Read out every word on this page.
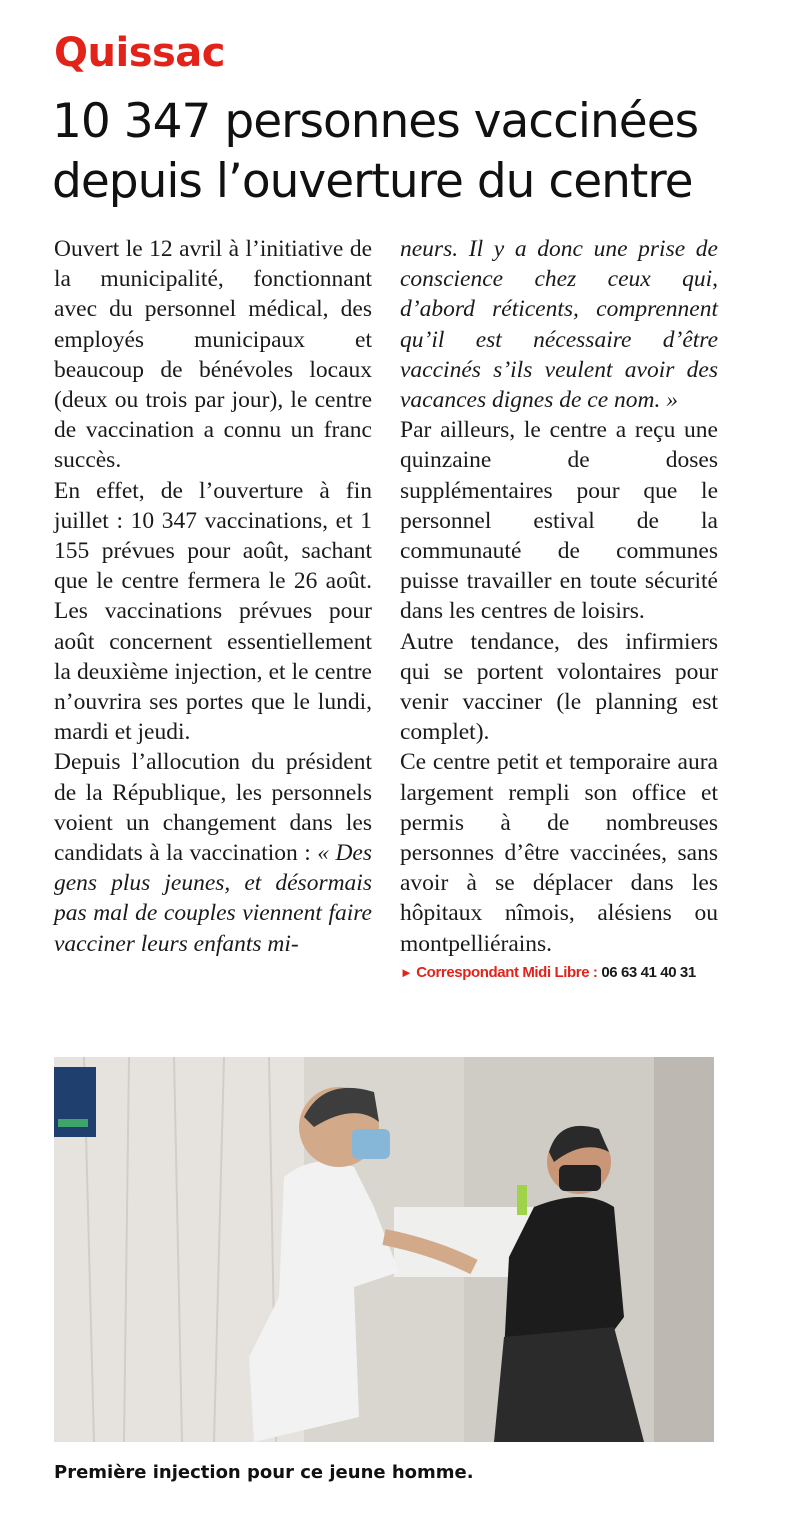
Quissac
10 347 personnes vaccinées depuis l’ouverture du centre

Ouvert le 12 avril à l’initiative de la municipalité, fonctionnant avec du personnel médical, des employés municipaux et beaucoup de bénévoles locaux (deux ou trois par jour), le centre de vaccination a connu un franc succès.

En effet, de l’ouverture à fin juillet : 10 347 vaccinations, et 1 155 prévues pour août, sachant que le centre fermera le 26 août. Les vaccinations prévues pour août concernent essentiellement la deuxième injection, et le centre n’ouvrira ses portes que le lundi, mardi et jeudi.

Depuis l’allocution du président de la République, les personnels voient un changement dans les candidats à la vaccination : « Des gens plus jeunes, et désormais pas mal de couples viennent faire vacciner leurs enfants mi-

neurs. Il y a donc une prise de conscience chez ceux qui, d’abord réticents, comprennent qu’il est nécessaire d’être vaccinés s’ils veulent avoir des vacances dignes de ce nom. »

Par ailleurs, le centre a reçu une quinzaine de doses supplémentaires pour que le personnel estival de la communauté de communes puisse travailler en toute sécurité dans les centres de loisirs.

Autre tendance, des infirmiers qui se portent volontaires pour venir vacciner (le planning est complet).

Ce centre petit et temporaire aura largement rempli son office et permis à de nombreuses personnes d’être vaccinées, sans avoir à se déplacer dans les hôpitaux nîmois, alésiens ou montpelliérains.

► Correspondant Midi Libre : 06 63 41 40 31
Première injection pour ce jeune homme.
